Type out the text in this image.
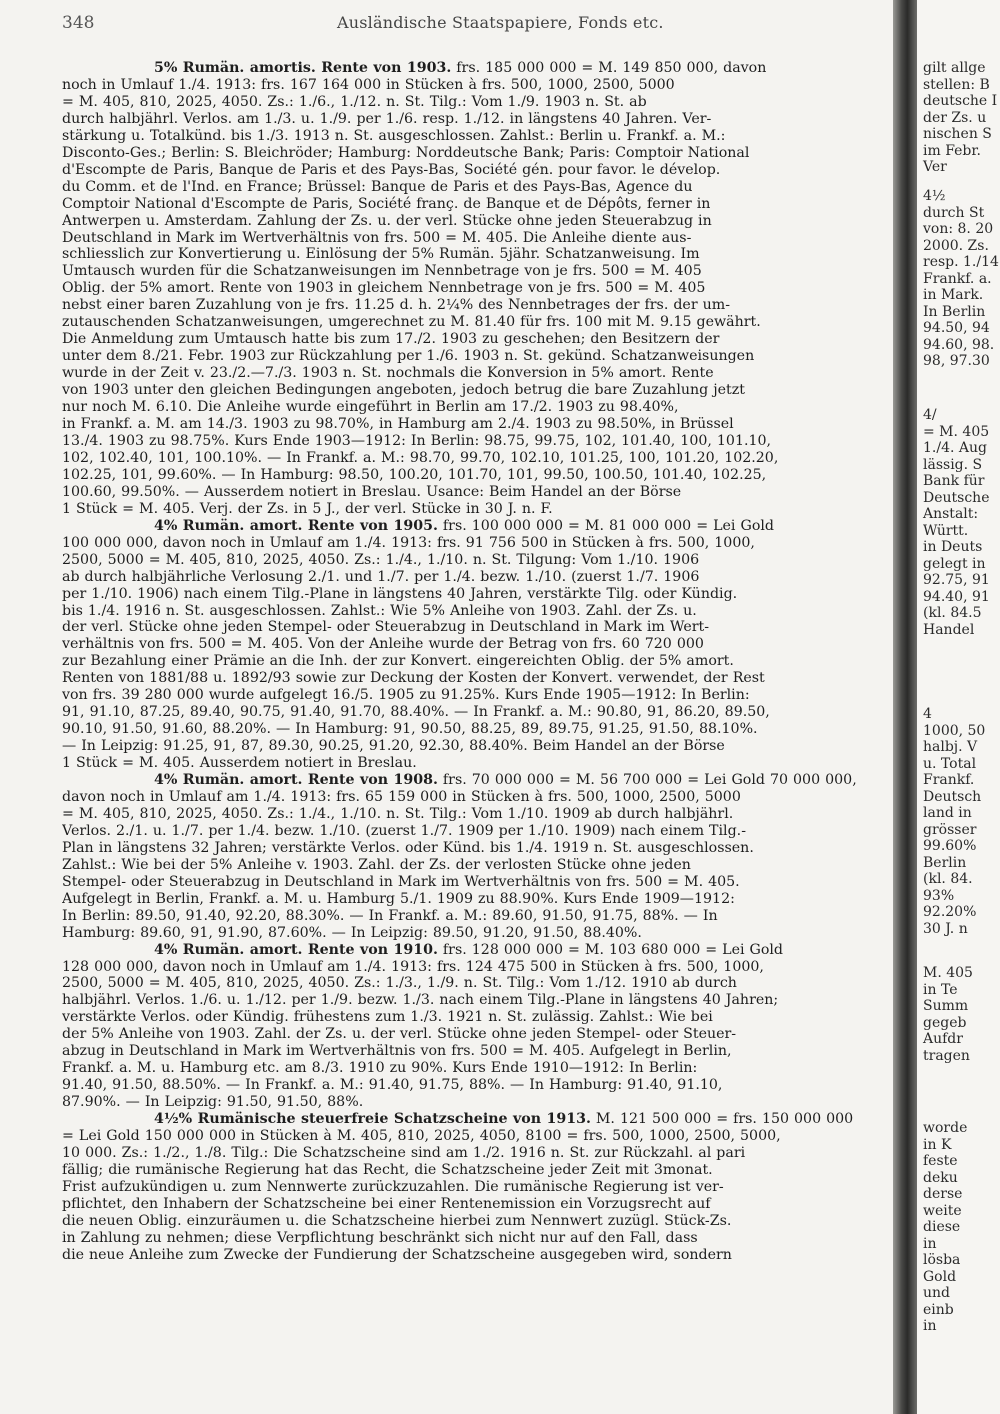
348	Ausländische Staatspapiere, Fonds etc.
5% Rumän. amortis. Rente von 1903. frs. 185 000 000 = M. 149 850 000, davon
noch in Umlauf 1./4. 1913: frs. 167 164 000 in Stücken à frs. 500, 1000, 2500, 5000
= M. 405, 810, 2025, 4050. Zs.: 1./6., 1./12. n. St. Tilg.: Vom 1./9. 1903 n. St. ab
durch halbjährl. Verlos. am 1./3. u. 1./9. per 1./6. resp. 1./12. in längstens 40 Jahren. Ver-
stärkung u. Totalkünd. bis 1./3. 1913 n. St. ausgeschlossen. Zahlst.: Berlin u. Frankf. a. M.:
Disconto-Ges.; Berlin: S. Bleichröder; Hamburg: Norddeutsche Bank; Paris: Comptoir National
d'Escompte de Paris, Banque de Paris et des Pays-Bas, Société gén. pour favor. le dévelop.
du Comm. et de l'Ind. en France; Brüssel: Banque de Paris et des Pays-Bas, Agence du
Comptoir National d'Escompte de Paris, Société franç. de Banque et de Dépôts, ferner in
Antwerpen u. Amsterdam. Zahlung der Zs. u. der verl. Stücke ohne jeden Steuerabzug in
Deutschland in Mark im Wertverhältnis von frs. 500 = M. 405. Die Anleihe diente aus-
schliesslich zur Konvertierung u. Einlösung der 5% Rumän. 5jähr. Schatzanweisung. Im
Umtausch wurden für die Schatzanweisungen im Nennbetrage von je frs. 500 = M. 405
Oblig. der 5% amort. Rente von 1903 in gleichem Nennbetrage von je frs. 500 = M. 405
nebst einer baren Zuzahlung von je frs. 11.25 d. h. 2¼% des Nennbetrages der frs. der um-
zutauschenden Schatzanweisungen, umgerechnet zu M. 81.40 für frs. 100 mit M. 9.15 gewährt.
Die Anmeldung zum Umtausch hatte bis zum 17./2. 1903 zu geschehen; den Besitzern der
unter dem 8./21. Febr. 1903 zur Rückzahlung per 1./6. 1903 n. St. gekünd. Schatzanweisungen
wurde in der Zeit v. 23./2.—7./3. 1903 n. St. nochmals die Konversion in 5% amort. Rente
von 1903 unter den gleichen Bedingungen angeboten, jedoch betrug die bare Zuzahlung jetzt
nur noch M. 6.10. Die Anleihe wurde eingeführt in Berlin am 17./2. 1903 zu 98.40%,
in Frankf. a. M. am 14./3. 1903 zu 98.70%, in Hamburg am 2./4. 1903 zu 98.50%, in Brüssel
13./4. 1903 zu 98.75%. Kurs Ende 1903—1912: In Berlin: 98.75, 99.75, 102, 101.40, 100, 101.10,
102, 102.40, 101, 100.10%. — In Frankf. a. M.: 98.70, 99.70, 102.10, 101.25, 100, 101.20, 102.20,
102.25, 101, 99.60%. — In Hamburg: 98.50, 100.20, 101.70, 101, 99.50, 100.50, 101.40, 102.25,
100.60, 99.50%. — Ausserdem notiert in Breslau. Usance: Beim Handel an der Börse
1 Stück = M. 405. Verj. der Zs. in 5 J., der verl. Stücke in 30 J. n. F.
4% Rumän. amort. Rente von 1905. frs. 100 000 000 = M. 81 000 000 = Lei Gold
100 000 000, davon noch in Umlauf am 1./4. 1913: frs. 91 756 500 in Stücken à frs. 500, 1000,
2500, 5000 = M. 405, 810, 2025, 4050. Zs.: 1./4., 1./10. n. St. Tilgung: Vom 1./10. 1906
ab durch halbjährliche Verlosung 2./1. und 1./7. per 1./4. bezw. 1./10. (zuerst 1./7. 1906
per 1./10. 1906) nach einem Tilg.-Plane in längstens 40 Jahren, verstärkte Tilg. oder Kündig.
bis 1./4. 1916 n. St. ausgeschlossen. Zahlst.: Wie 5% Anleihe von 1903. Zahl. der Zs. u.
der verl. Stücke ohne jeden Stempel- oder Steuerabzug in Deutschland in Mark im Wert-
verhältnis von frs. 500 = M. 405. Von der Anleihe wurde der Betrag von frs. 60 720 000
zur Bezahlung einer Prämie an die Inh. der zur Konvert. eingereichten Oblig. der 5% amort.
Renten von 1881/88 u. 1892/93 sowie zur Deckung der Kosten der Konvert. verwendet, der Rest
von frs. 39 280 000 wurde aufgelegt 16./5. 1905 zu 91.25%. Kurs Ende 1905—1912: In Berlin:
91, 91.10, 87.25, 89.40, 90.75, 91.40, 91.70, 88.40%. — In Frankf. a. M.: 90.80, 91, 86.20, 89.50,
90.10, 91.50, 91.60, 88.20%. — In Hamburg: 91, 90.50, 88.25, 89, 89.75, 91.25, 91.50, 88.10%.
— In Leipzig: 91.25, 91, 87, 89.30, 90.25, 91.20, 92.30, 88.40%. Beim Handel an der Börse
1 Stück = M. 405. Ausserdem notiert in Breslau.
4% Rumän. amort. Rente von 1908. frs. 70 000 000 = M. 56 700 000 = Lei Gold 70 000 000,
davon noch in Umlauf am 1./4. 1913: frs. 65 159 000 in Stücken à frs. 500, 1000, 2500, 5000
= M. 405, 810, 2025, 4050. Zs.: 1./4., 1./10. n. St. Tilg.: Vom 1./10. 1909 ab durch halbjährl.
Verlos. 2./1. u. 1./7. per 1./4. bezw. 1./10. (zuerst 1./7. 1909 per 1./10. 1909) nach einem Tilg.-
Plan in längstens 32 Jahren; verstärkte Verlos. oder Künd. bis 1./4. 1919 n. St. ausgeschlossen.
Zahlst.: Wie bei der 5% Anleihe v. 1903. Zahl. der Zs. der verlosten Stücke ohne jeden
Stempel- oder Steuerabzug in Deutschland in Mark im Wertverhältnis von frs. 500 = M. 405.
Aufgelegt in Berlin, Frankf. a. M. u. Hamburg 5./1. 1909 zu 88.90%. Kurs Ende 1909—1912:
In Berlin: 89.50, 91.40, 92.20, 88.30%. — In Frankf. a. M.: 89.60, 91.50, 91.75, 88%. — In
Hamburg: 89.60, 91, 91.90, 87.60%. — In Leipzig: 89.50, 91.20, 91.50, 88.40%.
4% Rumän. amort. Rente von 1910. frs. 128 000 000 = M. 103 680 000 = Lei Gold
128 000 000, davon noch in Umlauf am 1./4. 1913: frs. 124 475 500 in Stücken à frs. 500, 1000,
2500, 5000 = M. 405, 810, 2025, 4050. Zs.: 1./3., 1./9. n. St. Tilg.: Vom 1./12. 1910 ab durch
halbjährl. Verlos. 1./6. u. 1./12. per 1./9. bezw. 1./3. nach einem Tilg.-Plane in längstens 40 Jahren;
verstärkte Verlos. oder Kündig. frühestens zum 1./3. 1921 n. St. zulässig. Zahlst.: Wie bei
der 5% Anleihe von 1903. Zahl. der Zs. u. der verl. Stücke ohne jeden Stempel- oder Steuer-
abzug in Deutschland in Mark im Wertverhältnis von frs. 500 = M. 405. Aufgelegt in Berlin,
Frankf. a. M. u. Hamburg etc. am 8./3. 1910 zu 90%. Kurs Ende 1910—1912: In Berlin:
91.40, 91.50, 88.50%. — In Frankf. a. M.: 91.40, 91.75, 88%. — In Hamburg: 91.40, 91.10,
87.90%. — In Leipzig: 91.50, 91.50, 88%.
4½% Rumänische steuerfreie Schatzscheine von 1913. M. 121 500 000 = frs. 150 000 000
= Lei Gold 150 000 000 in Stücken à M. 405, 810, 2025, 4050, 8100 = frs. 500, 1000, 2500, 5000,
10 000. Zs.: 1./2., 1./8. Tilg.: Die Schatzscheine sind am 1./2. 1916 n. St. zur Rückzahl. al pari
fällig; die rumänische Regierung hat das Recht, die Schatzscheine jeder Zeit mit 3monat.
Frist aufzukündigen u. zum Nennwerte zurückzuzahlen. Die rumänische Regierung ist ver-
pflichtet, den Inhabern der Schatzscheine bei einer Rentenemission ein Vorzugsrecht auf
die neuen Oblig. einzuräumen u. die Schatzscheine hierbei zum Nennwert zuzügl. Stück-Zs.
in Zahlung zu nehmen; diese Verpflichtung beschränkt sich nicht nur auf den Fall, dass
die neue Anleihe zum Zwecke der Fundierung der Schatzscheine ausgegeben wird, sondern
gilt allge
stellen: B
deutsche I
der Zs. u
nischen S
im Febr.
Ver
4½
durch St
von: 8. 20
2000. Zs.
resp. 1./14
Frankf. a.
in Mark.
In Berlin
94.50, 94
94.60, 98.
98, 97.30
4/
= M. 405
1./4. Aug
lässig. S
Bank für
Deutsche
Anstalt:
Württ.
in Deuts
gelegt in
92.75, 91
94.40, 91
(kl. 84.5
Handel
4
1000, 50
halbj. V
u. Total
Frankf.
Deutsch
land in
grösser
99.60%
Berlin
(kl. 84.
93%
92.20%
30 J. n
M. 405
in Te
Summ
gegeb
Aufdr
tragen
worde
in K
feste
deku
derse
weite
diese
in
lösba
Gold
und
einb
in
